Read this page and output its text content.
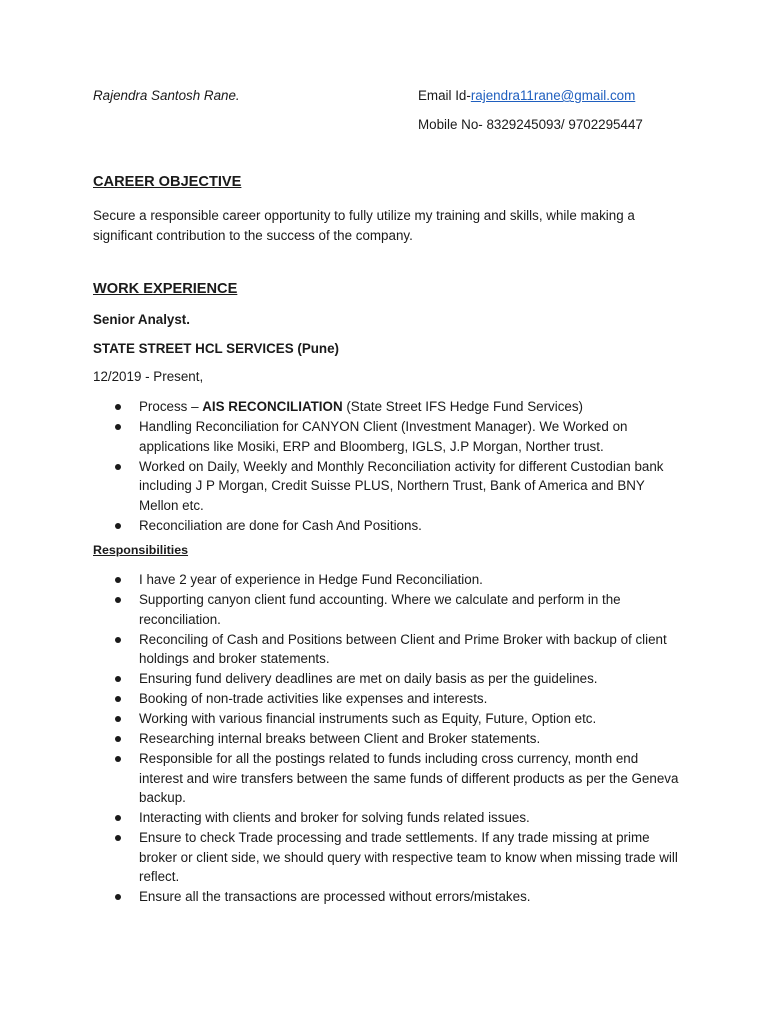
Rajendra Santosh Rane.	Email Id-rajendra11rane@gmail.com
Mobile No- 8329245093/ 9702295447
CAREER OBJECTIVE
Secure a responsible career opportunity to fully utilize my training and skills, while making a significant contribution to the success of the company.
WORK EXPERIENCE
Senior Analyst.
STATE STREET HCL SERVICES (Pune)
12/2019 - Present,
Process – AIS RECONCILIATION (State Street IFS Hedge Fund Services)
Handling Reconciliation for CANYON Client (Investment Manager). We Worked on applications like Mosiki, ERP and Bloomberg, IGLS, J.P Morgan, Norther trust.
Worked on Daily, Weekly and Monthly Reconciliation activity for different Custodian bank including J P Morgan, Credit Suisse PLUS, Northern Trust, Bank of America and BNY Mellon etc.
Reconciliation are done for Cash And Positions.
Responsibilities
I have 2 year of experience in Hedge Fund Reconciliation.
Supporting canyon client fund accounting. Where we calculate and perform in the reconciliation.
Reconciling of Cash and Positions between Client and Prime Broker with backup of client holdings and broker statements.
Ensuring fund delivery deadlines are met on daily basis as per the guidelines.
Booking of non-trade activities like expenses and interests.
Working with various financial instruments such as Equity, Future, Option etc.
Researching internal breaks between Client and Broker statements.
Responsible for all the postings related to funds including cross currency, month end interest and wire transfers between the same funds of different products as per the Geneva backup.
Interacting with clients and broker for solving funds related issues.
Ensure to check Trade processing and trade settlements. If any trade missing at prime broker or client side, we should query with respective team to know when missing trade will reflect.
Ensure all the transactions are processed without errors/mistakes.
